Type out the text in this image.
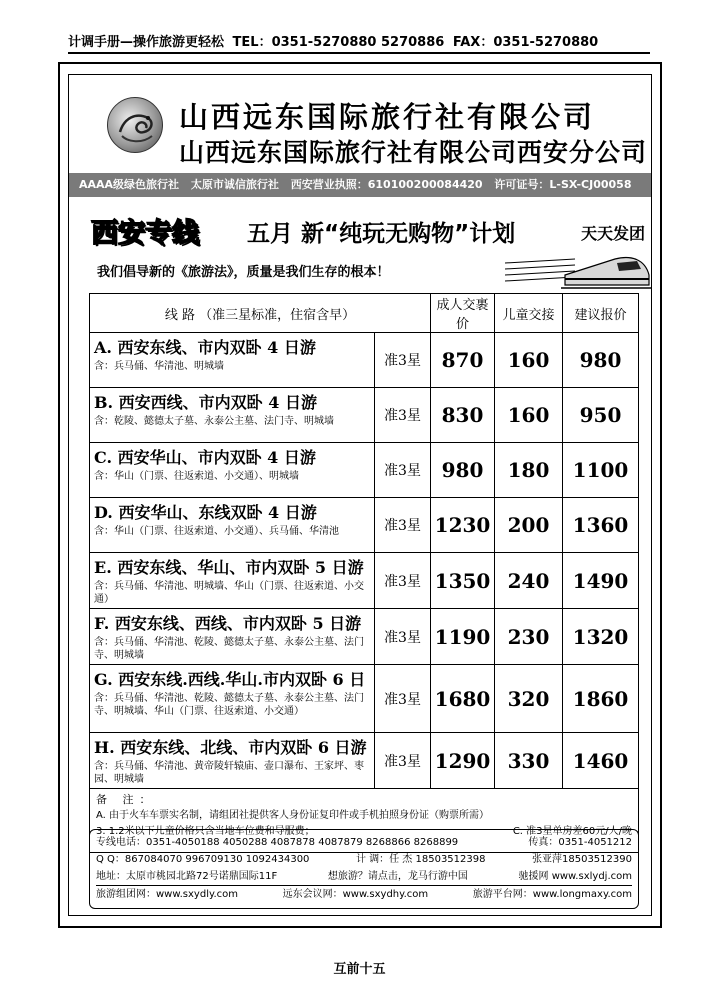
计调手册—操作旅游更轻松 TEL：0351-5270880 5270886 FAX：0351-5270880
山西远东国际旅行社有限公司
山西远东国际旅行社有限公司西安分公司
AAAA级绿色旅行社 太原市诚信旅行社 西安营业执照：610100200084420 许可证号：L-SX-CJ00058
西安专线 五月 新“纯玩无购物”计划	天天发团
我们倡导新的《旅游法》，质量是我们生存的根本！
线 路 （准三星标准，住宿含早）		成人交裹价	儿童交接	建议报价

A. 西安东线、市内双卧 4 日游
含：兵马俑、华清池、明城墙	准3星	870	160	980

B. 西安西线、市内双卧 4 日游
含：乾陵、懿德太子墓、永泰公主墓、法门寺、明城墙	准3星	830	160	950

C. 西安华山、市内双卧 4 日游
含：华山（门票、往返索道、小交通）、明城墙	准3星	980	180	1100

D. 西安华山、东线双卧 4 日游
含：华山（门票、往返索道、小交通）、兵马俑、华清池	准3星	1230	200	1360

E. 西安东线、华山、市内双卧 5 日游
含：兵马俑、华清池、明城墙、华山（门票、往返索道、小交通）	准3星	1350	240	1490

F. 西安东线、西线、市内双卧 5 日游
含：兵马俑、华清池、乾陵、懿德太子墓、永泰公主墓、法门寺、明城墙	准3星	1190	230	1320

G. 西安东线.西线.华山.市内双卧 6 日
含：兵马俑、华清池、乾陵、懿德太子墓、永泰公主墓、法门寺、明城墙、华山（门票、往返索道、小交通）	准3星	1680	320	1860

H. 西安东线、北线、市内双卧 6 日游
含：兵马俑、华清池、黄帝陵轩辕庙、壶口瀑布、王家坪、枣园、明城墙	准3星	1290	330	1460

备 注：
A. 由于火车车票实名制，请组团社提供客人身份证复印件或手机拍照身份证（购票所需）
3. 1.2米以下儿童价格只含当地车位费和导服费； C. 准3星单房差60元/人/晚				
专线电话：0351-4050188 4050288 4087878 4087879 8268866 8268899	传真：0351-4051212
Q Q：867084070 996709130 1092434300	计 调：任 杰 18503512398	张亚萍18503512390
地址：太原市桃园北路72号诺鼎国际11F	想旅游？请点击，龙马行游中国	驰援网 www.sxlydj.com
旅游组团网：www.sxydly.com	远东会议网：www.sxydhy.com	旅游平台网：www.longmaxy.com
互前十五
